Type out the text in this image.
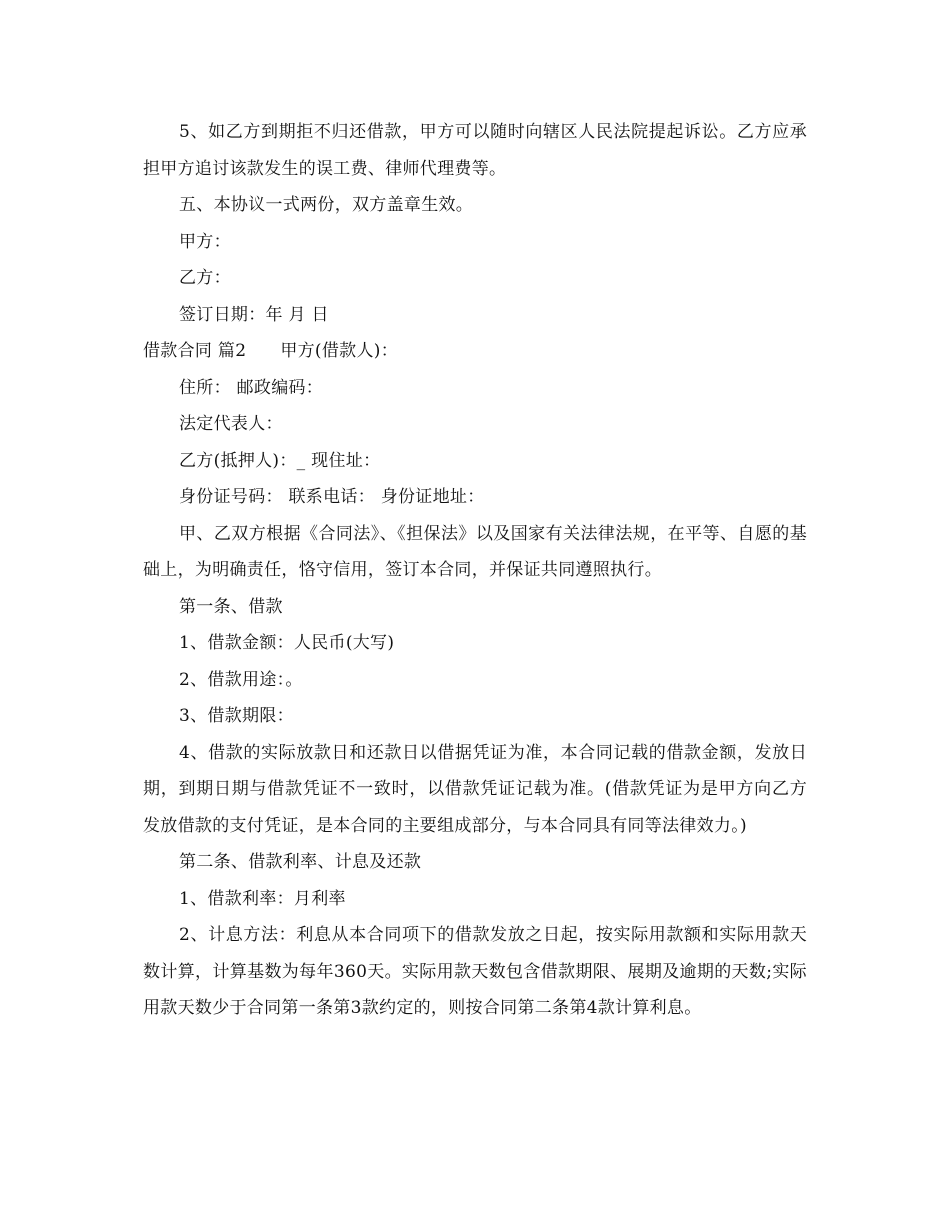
5、如乙方到期拒不归还借款，甲方可以随时向辖区人民法院提起诉讼。乙方应承担甲方追讨该款发生的误工费、律师代理费等。

五、本协议一式两份，双方盖章生效。

甲方：

乙方：

签订日期：年 月 日

借款合同 篇2 甲方(借款人)：

住所： 邮政编码：

法定代表人：

乙方(抵押人)：_ 现住址：

身份证号码： 联系电话： 身份证地址：

甲、乙双方根据《合同法》、《担保法》以及国家有关法律法规，在平等、自愿的基础上，为明确责任，恪守信用，签订本合同，并保证共同遵照执行。

第一条、借款

1、借款金额：人民币(大写)

2、借款用途：。

3、借款期限：

4、借款的实际放款日和还款日以借据凭证为准，本合同记载的借款金额，发放日期，到期日期与借款凭证不一致时，以借款凭证记载为准。(借款凭证为是甲方向乙方发放借款的支付凭证，是本合同的主要组成部分，与本合同具有同等法律效力。)

第二条、借款利率、计息及还款

1、借款利率：月利率

2、计息方法：利息从本合同项下的借款发放之日起，按实际用款额和实际用款天数计算，计算基数为每年360天。实际用款天数包含借款期限、展期及逾期的天数;实际用款天数少于合同第一条第3款约定的，则按合同第二条第4款计算利息。
